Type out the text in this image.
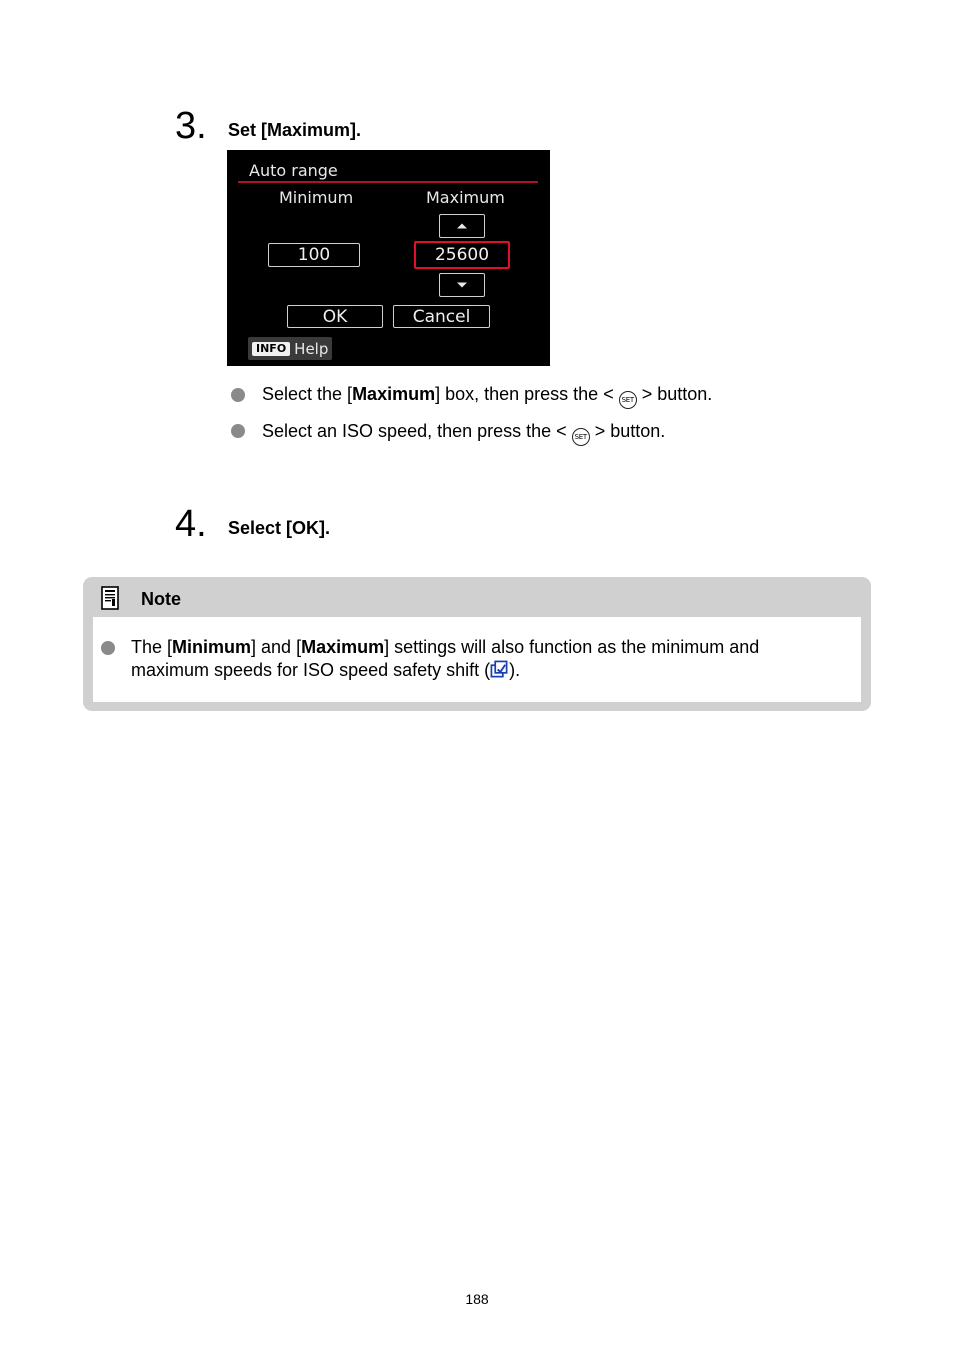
3. Set [Maximum].
Auto range
Minimum	Maximum
100	25600
OK	Cancel
INFO Help
Select the [Maximum] box, then press the < SET > button.
Select an ISO speed, then press the < SET > button.
4. Select [OK].
Note
The [Minimum] and [Maximum] settings will also function as the minimum and
maximum speeds for ISO speed safety shift ( ).
188
